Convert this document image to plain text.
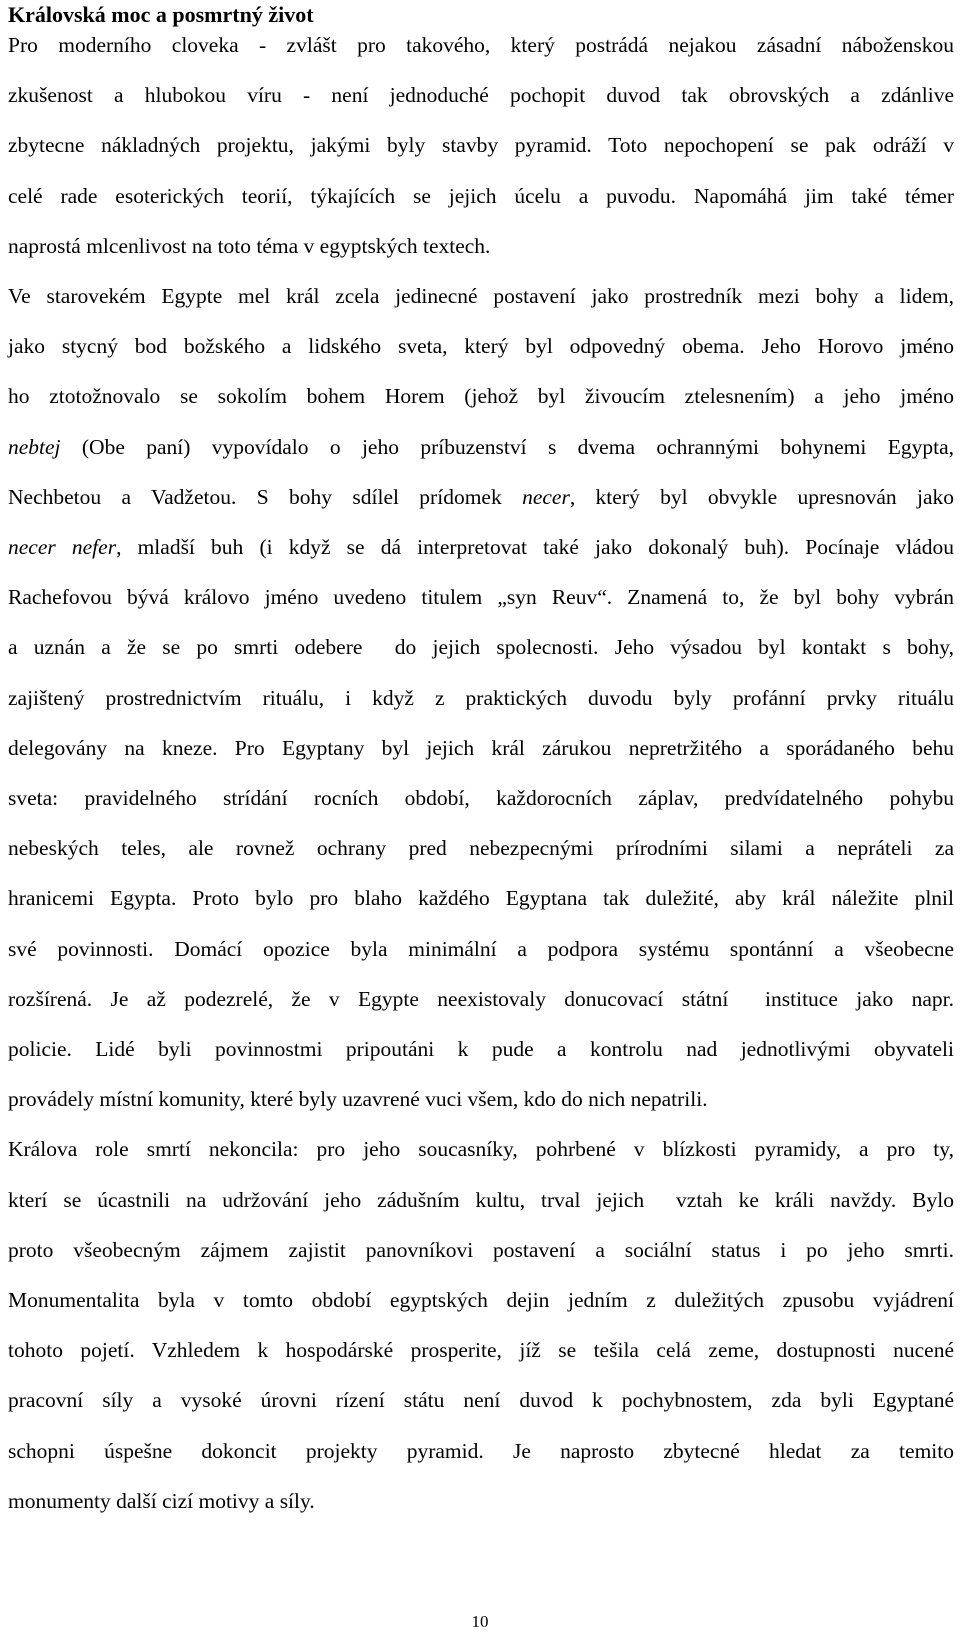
Královská moc a posmrtný život
Pro moderního cloveka - zvlášt pro takového, který postrádá nejakou zásadní náboženskou
zkušenost a hlubokou víru - není jednoduché pochopit duvod tak obrovských a zdánlive
zbytecne nákladných projektu, jakými byly stavby pyramid. Toto nepochopení se pak odráží v
celé rade esoterických teorií, týkajících se jejich úcelu a puvodu. Napomáhá jim také témer
naprostá mlcenlivost na toto téma v egyptských textech.
Ve starovekém Egypte mel král zcela jedinecné postavení jako prostredník mezi bohy a lidem,
jako stycný bod božského a lidského sveta, který byl odpovedný obema. Jeho Horovo jméno
ho ztotožnovalo se sokolím bohem Horem (jehož byl živoucím ztelesnením) a jeho jméno
nebtej (Obe paní) vypovídalo o jeho príbuzenství s dvema ochrannými bohynemi Egypta,
Nechbetou a Vadžetou. S bohy sdílel prídomek necer, který byl obvykle upresnován jako
necer nefer, mladší buh (i když se dá interpretovat také jako dokonalý buh). Pocínaje vládou
Rachefovou bývá královo jméno uvedeno titulem „syn Reuv“. Znamená to, že byl bohy vybrán
a uznán a že se po smrti odebere  do jejich spolecnosti. Jeho výsadou byl kontakt s bohy,
zajištený prostrednictvím rituálu, i když z praktických duvodu byly profánní prvky rituálu
delegovány na kneze. Pro Egyptany byl jejich král zárukou nepretržitého a sporádaného behu
sveta: pravidelného strídání rocních období, každorocních záplav, predvídatelného pohybu
nebeských teles, ale rovnež ochrany pred nebezpecnými prírodními silami a nepráteli za
hranicemi Egypta. Proto bylo pro blaho každého Egyptana tak duležité, aby král náležite plnil
své povinnosti. Domácí opozice byla minimální a podpora systému spontánní a všeobecne
rozšírená. Je až podezrelé, že v Egypte neexistovaly donucovací státní  instituce jako napr.
policie. Lidé byli povinnostmi pripoutáni k pude a kontrolu nad jednotlivými obyvateli
provádely místní komunity, které byly uzavrené vuci všem, kdo do nich nepatrili.
Králova role smrtí nekoncila: pro jeho soucasníky, pohrbené v blízkosti pyramidy, a pro ty,
kterí se úcastnili na udržování jeho zádušním kultu, trval jejich  vztah ke králi navždy. Bylo
proto všeobecným zájmem zajistit panovníkovi postavení a sociální status i po jeho smrti.
Monumentalita byla v tomto období egyptských dejin jedním z duležitých zpusobu vyjádrení
tohoto pojetí. Vzhledem k hospodárské prosperite, jíž se tešila celá zeme, dostupnosti nucené
pracovní síly a vysoké úrovni rízení státu není duvod k pochybnostem, zda byli Egyptané
schopni úspešne dokoncit projekty pyramid. Je naprosto zbytecné hledat za temito
monumenty další cizí motivy a síly.
10
